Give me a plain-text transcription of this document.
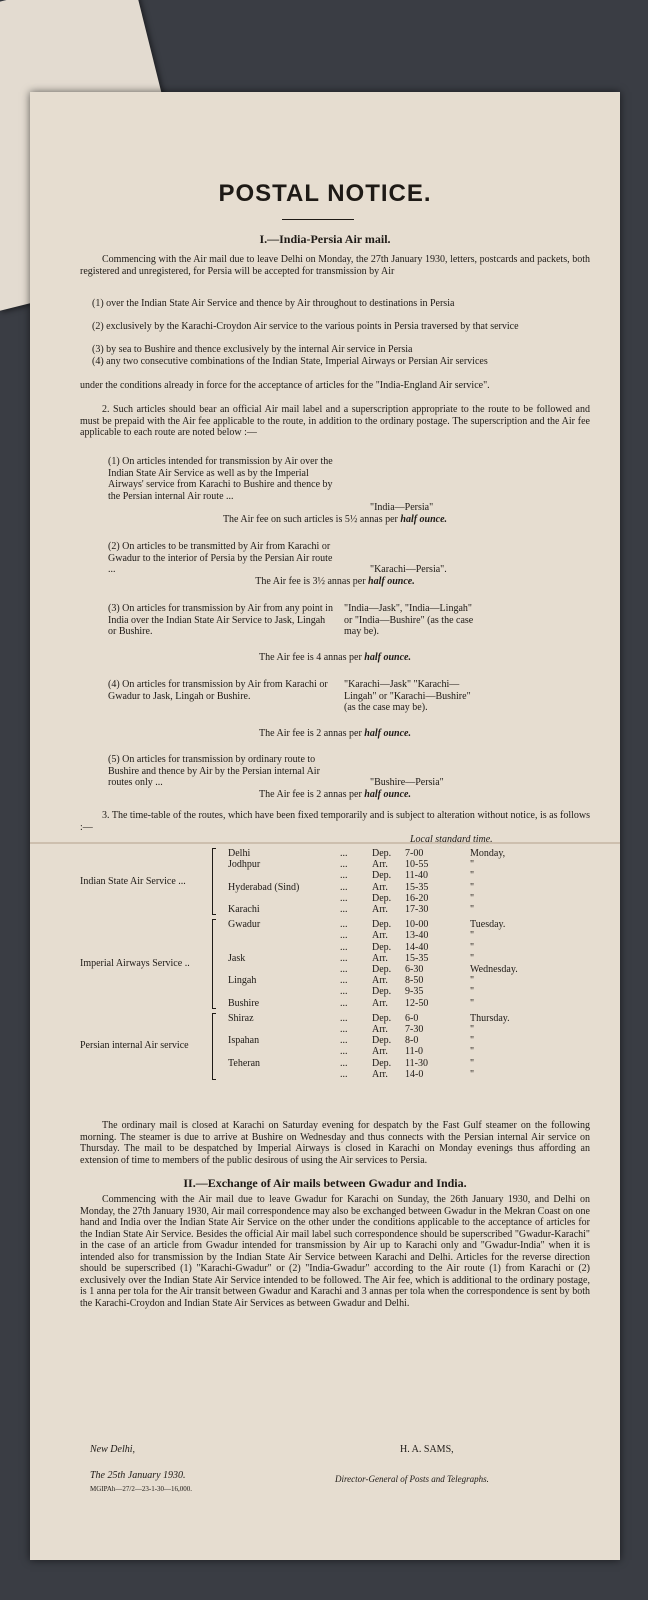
POSTAL NOTICE.
I.—India-Persia Air mail.

Commencing with the Air mail due to leave Delhi on Monday, the 27th January 1930, letters, postcards and packets, both registered and unregistered, for Persia will be accepted for transmission by Air

(1) over the Indian State Air Service and thence by Air throughout to destinations in Persia
(2) exclusively by the Karachi-Croydon Air service to the various points in Persia traversed by that service
(3) by sea to Bushire and thence exclusively by the internal Air service in Persia
(4) any two consecutive combinations of the Indian State, Imperial Airways or Persian Air services

under the conditions already in force for the acceptance of articles for the "India-England Air service".

2. Such articles should bear an official Air mail label and a superscription appropriate to the route to be followed and must be prepaid with the Air fee applicable to the route, in addition to the ordinary postage. The superscription and the Air fee applicable to each route are noted below :—

(1) On articles intended for transmission by Air over the Indian State Air Service as well as by the Imperial Airways' service from Karachi to Bushire and thence by the Persian internal Air route ...
"India—Persia"
The Air fee on such articles is 5½ annas per half ounce.
(2) On articles to be transmitted by Air from Karachi or Gwadur to the interior of Persia by the Persian Air route ...	"Karachi—Persia".
The Air fee is 3½ annas per half ounce.
(3) On articles for transmission by Air from any point in India over the Indian State Air Service to Jask, Lingah or Bushire.
"India—Jask", "India—Lingah" or "India—Bushire" (as the case may be).
The Air fee is 4 annas per half ounce.
(4) On articles for transmission by Air from Karachi or Gwadur to Jask, Lingah or Bushire.
"Karachi—Jask" "Karachi—Lingah" or "Karachi—Bushire" (as the case may be).
The Air fee is 2 annas per half ounce.
(5) On articles for transmission by ordinary route to Bushire and thence by Air by the Persian internal Air routes only ...	"Bushire—Persia"
The Air fee is 2 annas per half ounce.

3. The time-table of the routes, which have been fixed temporarily and is subject to alteration without notice, is as follows :—

Local standard time.
Delhi	... Dep. 7-00	Monday,
Jodhpur	... Arr. 10-55	"
... Dep. 11-40	"
Hyderabad (Sind)	... Arr. 15-35	"
... Dep. 16-20	"
Karachi	... Arr. 17-30	"
Indian State Air Service ...
Gwadur	... Dep. 10-00	Tuesday.
... Arr. 13-40	"
... Dep. 14-40	"
Jask	... Arr. 15-35	"
... Dep. 6-30	Wednesday.
Lingah	... Arr. 8-50	"
... Dep. 9-35	"
Bushire	... Arr. 12-50	"
Imperial Airways Service ..
Shiraz	... Dep. 6-0	Thursday.
... Arr. 7-30	"
Ispahan	... Dep. 8-0	"
... Arr. 11-0	"
Teheran	... Dep. 11-30	"
... Arr. 14-0	"
Persian internal Air service

The ordinary mail is closed at Karachi on Saturday evening for despatch by the Fast Gulf steamer on the following morning. The steamer is due to arrive at Bushire on Wednesday and thus connects with the Persian internal Air service on Thursday. The mail to be despatched by Imperial Airways is closed in Karachi on Monday evenings thus affording an extension of time to members of the public desirous of using the Air services to Persia.

II.—Exchange of Air mails between Gwadur and India.

Commencing with the Air mail due to leave Gwadur for Karachi on Sunday, the 26th January 1930, and Delhi on Monday, the 27th January 1930, Air mail correspondence may also be exchanged between Gwadur in the Mekran Coast on one hand and India over the Indian State Air Service on the other under the conditions applicable to the acceptance of articles for the Indian State Air Service. Besides the official Air mail label such correspondence should be superscribed "Gwadur-Karachi" in the case of an article from Gwadur intended for transmission by Air up to Karachi only and "Gwadur-India" when it is intended also for transmission by the Indian State Air Service between Karachi and Delhi. Articles for the reverse direction should be superscribed (1) "Karachi-Gwadur" or (2) "India-Gwadur" according to the Air route (1) from Karachi or (2) exclusively over the Indian State Air Service intended to be followed. The Air fee, which is additional to the ordinary postage, is 1 anna per tola for the Air transit between Gwadur and Karachi and 3 annas per tola when the correspondence is sent by both the Karachi-Croydon and Indian State Air Services as between Gwadur and Delhi.

New Delhi,
The 25th January 1930.
MGIPAh—27/2—23-1-30—16,000.
H. A. SAMS,
Director-General of Posts and Telegraphs.
